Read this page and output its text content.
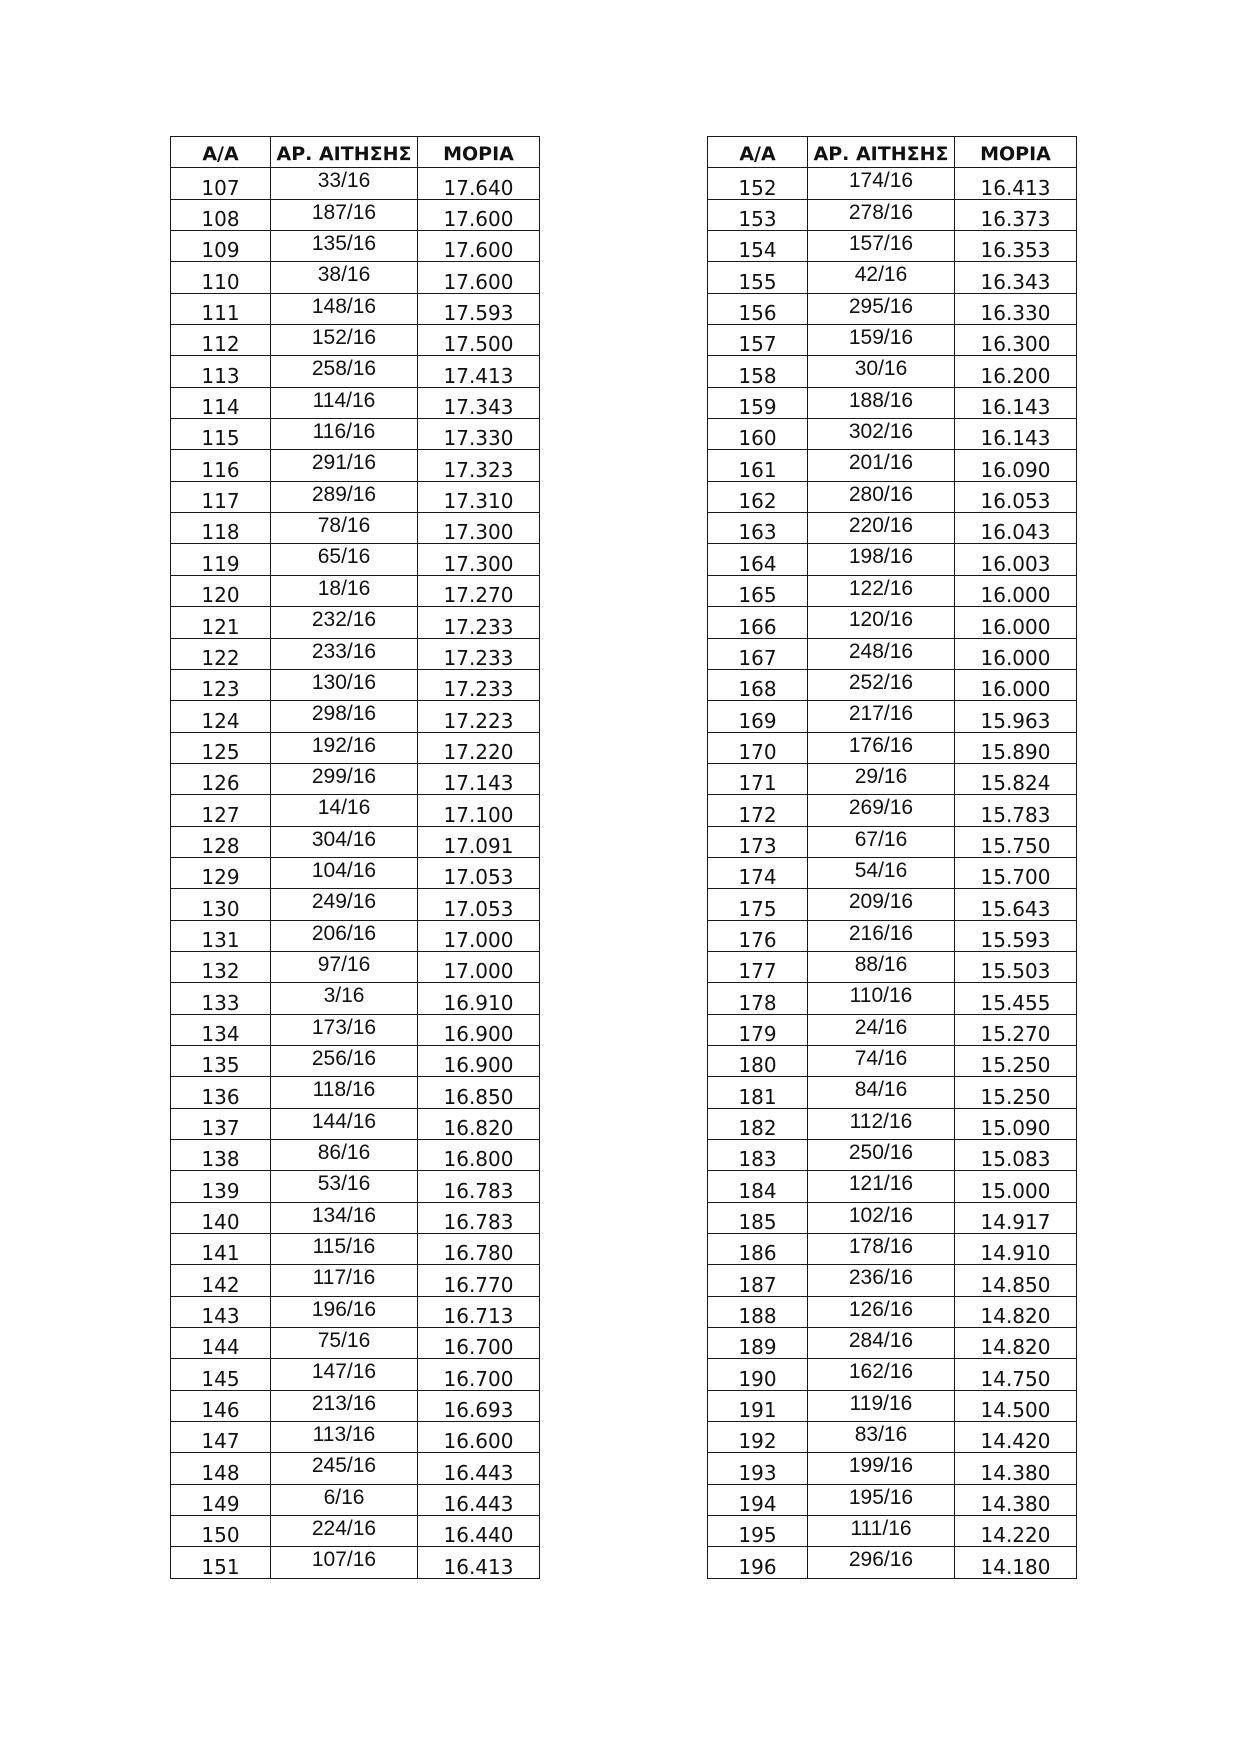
Α/Α	ΑΡ. ΑΙΤΗΣΗΣ	ΜΟΡΙΑ
107	33/16	17.640
108	187/16	17.600
109	135/16	17.600
110	38/16	17.600
111	148/16	17.593
112	152/16	17.500
113	258/16	17.413
114	114/16	17.343
115	116/16	17.330
116	291/16	17.323
117	289/16	17.310
118	78/16	17.300
119	65/16	17.300
120	18/16	17.270
121	232/16	17.233
122	233/16	17.233
123	130/16	17.233
124	298/16	17.223
125	192/16	17.220
126	299/16	17.143
127	14/16	17.100
128	304/16	17.091
129	104/16	17.053
130	249/16	17.053
131	206/16	17.000
132	97/16	17.000
133	3/16	16.910
134	173/16	16.900
135	256/16	16.900
136	118/16	16.850
137	144/16	16.820
138	86/16	16.800
139	53/16	16.783
140	134/16	16.783
141	115/16	16.780
142	117/16	16.770
143	196/16	16.713
144	75/16	16.700
145	147/16	16.700
146	213/16	16.693
147	113/16	16.600
148	245/16	16.443
149	6/16	16.443
150	224/16	16.440
151	107/16	16.413
Α/Α	ΑΡ. ΑΙΤΗΣΗΣ	ΜΟΡΙΑ
152	174/16	16.413
153	278/16	16.373
154	157/16	16.353
155	42/16	16.343
156	295/16	16.330
157	159/16	16.300
158	30/16	16.200
159	188/16	16.143
160	302/16	16.143
161	201/16	16.090
162	280/16	16.053
163	220/16	16.043
164	198/16	16.003
165	122/16	16.000
166	120/16	16.000
167	248/16	16.000
168	252/16	16.000
169	217/16	15.963
170	176/16	15.890
171	29/16	15.824
172	269/16	15.783
173	67/16	15.750
174	54/16	15.700
175	209/16	15.643
176	216/16	15.593
177	88/16	15.503
178	110/16	15.455
179	24/16	15.270
180	74/16	15.250
181	84/16	15.250
182	112/16	15.090
183	250/16	15.083
184	121/16	15.000
185	102/16	14.917
186	178/16	14.910
187	236/16	14.850
188	126/16	14.820
189	284/16	14.820
190	162/16	14.750
191	119/16	14.500
192	83/16	14.420
193	199/16	14.380
194	195/16	14.380
195	111/16	14.220
196	296/16	14.180
